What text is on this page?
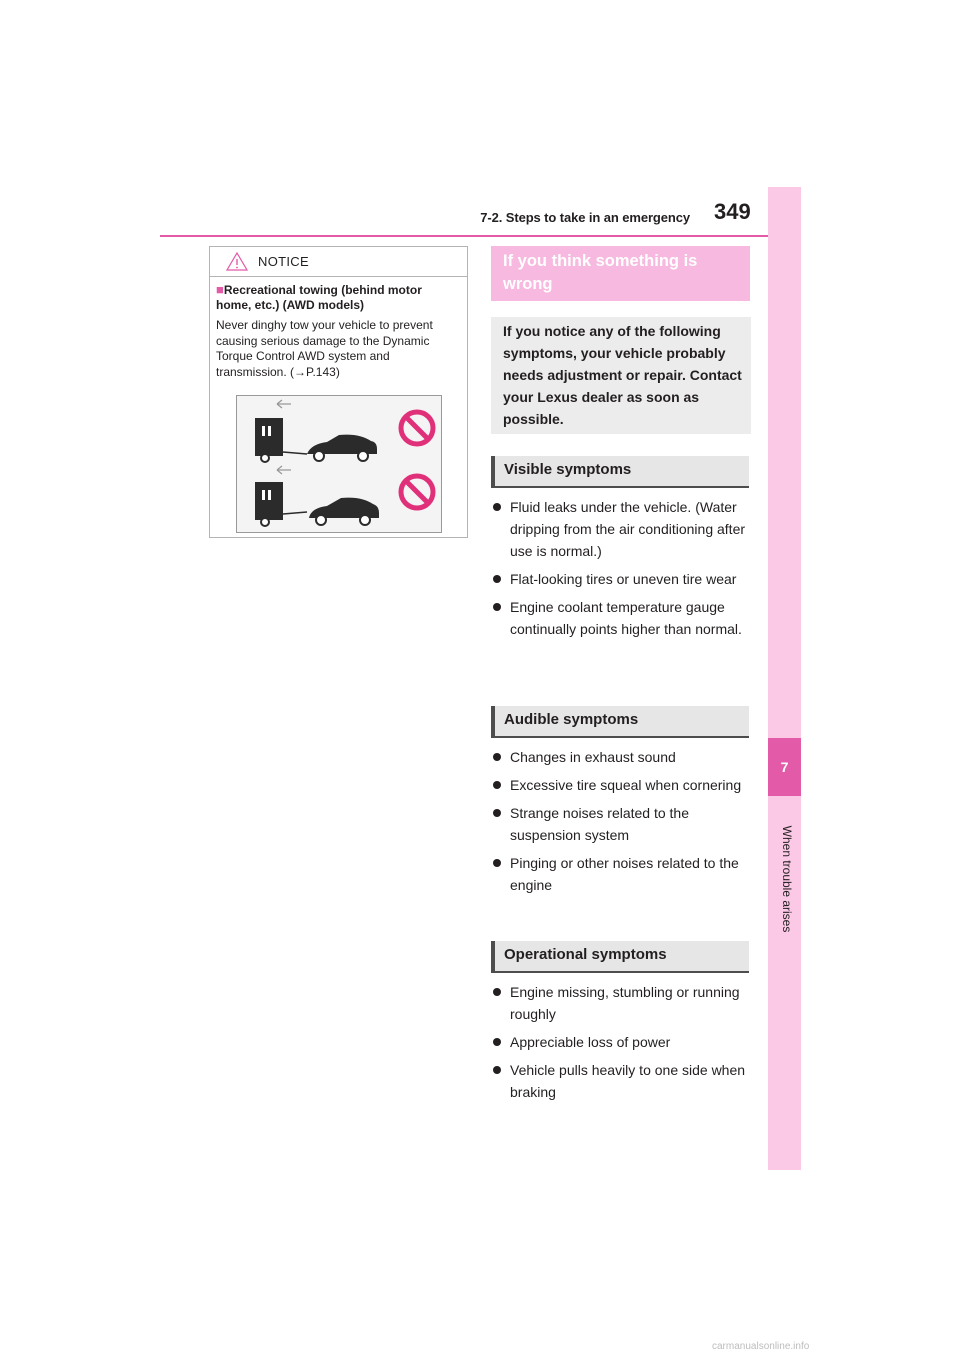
7-2. Steps to take in an emergency 349
7
When trouble arises
NOTICE
■Recreational towing (behind motor home, etc.) (AWD models)
Never dinghy tow your vehicle to prevent causing serious damage to the Dynamic Torque Control AWD system and transmission. (→P.143)
If you think something is wrong
If you notice any of the following symptoms, your vehicle probably needs adjustment or repair. Contact your Lexus dealer as soon as possible.
Visible symptoms
Fluid leaks under the vehicle. (Water dripping from the air conditioning after use is normal.)
Flat-looking tires or uneven tire wear
Engine coolant temperature gauge continually points higher than normal.
Audible symptoms
Changes in exhaust sound
Excessive tire squeal when cornering
Strange noises related to the suspension system
Pinging or other noises related to the engine
Operational symptoms
Engine missing, stumbling or running roughly
Appreciable loss of power
Vehicle pulls heavily to one side when braking
carmanualsonline.info
